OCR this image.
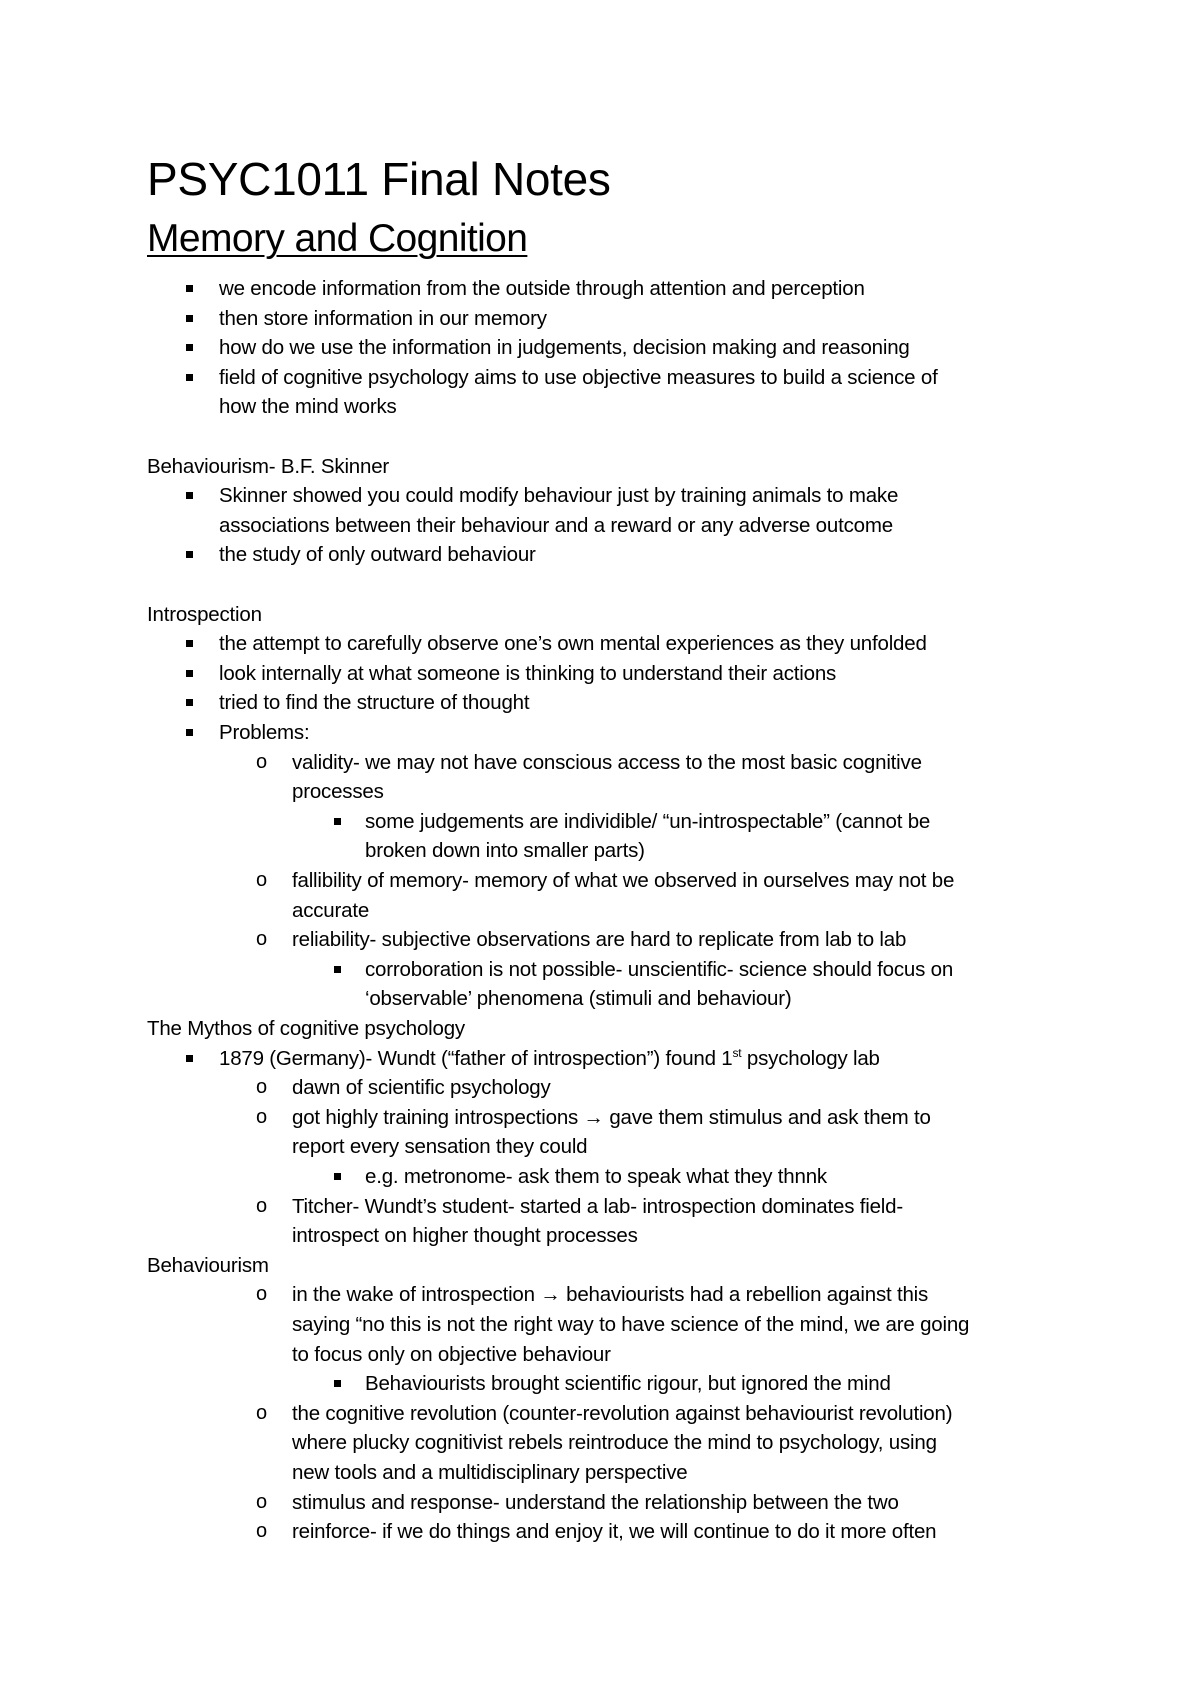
PSYC1011 Final Notes
Memory and Cognition
we encode information from the outside through attention and perception
then store information in our memory
how do we use the information in judgements, decision making and reasoning
field of cognitive psychology aims to use objective measures to build a science of
how the mind works
Behaviourism- B.F. Skinner
Skinner showed you could modify behaviour just by training animals to make
associations between their behaviour and a reward or any adverse outcome
the study of only outward behaviour
Introspection
the attempt to carefully observe one’s own mental experiences as they unfolded
look internally at what someone is thinking to understand their actions
tried to find the structure of thought
Problems:
o validity- we may not have conscious access to the most basic cognitive
processes
some judgements are individible/ “un-introspectable” (cannot be
broken down into smaller parts)
o fallibility of memory- memory of what we observed in ourselves may not be
accurate
o reliability- subjective observations are hard to replicate from lab to lab
corroboration is not possible- unscientific- science should focus on
‘observable’ phenomena (stimuli and behaviour)
The Mythos of cognitive psychology
1879 (Germany)- Wundt (“father of introspection”) found 1st psychology lab
o dawn of scientific psychology
o got highly training introspections → gave them stimulus and ask them to
report every sensation they could
e.g. metronome- ask them to speak what they thnnk
o Titcher- Wundt’s student- started a lab- introspection dominates field-
introspect on higher thought processes
Behaviourism
o in the wake of introspection → behaviourists had a rebellion against this
saying “no this is not the right way to have science of the mind, we are going
to focus only on objective behaviour
Behaviourists brought scientific rigour, but ignored the mind
o the cognitive revolution (counter-revolution against behaviourist revolution)
where plucky cognitivist rebels reintroduce the mind to psychology, using
new tools and a multidisciplinary perspective
o stimulus and response- understand the relationship between the two
o reinforce- if we do things and enjoy it, we will continue to do it more often
